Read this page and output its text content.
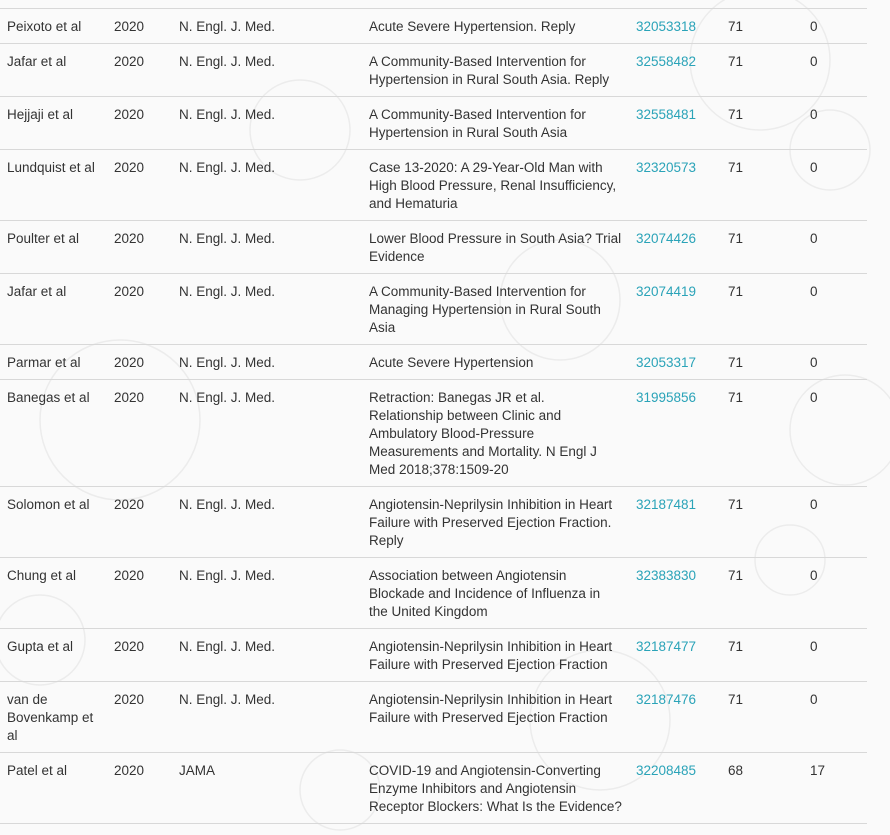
Peixoto et al	2020	N. Engl. J. Med.	Acute Severe Hypertension. Reply	32053318	71	0
Jafar et al	2020	N. Engl. J. Med.	A Community-Based Intervention for Hypertension in Rural South Asia. Reply	32558482	71	0
Hejjaji et al	2020	N. Engl. J. Med.	A Community-Based Intervention for Hypertension in Rural South Asia	32558481	71	0
Lundquist et al	2020	N. Engl. J. Med.	Case 13-2020: A 29-Year-Old Man with High Blood Pressure, Renal Insufficiency, and Hematuria	32320573	71	0
Poulter et al	2020	N. Engl. J. Med.	Lower Blood Pressure in South Asia? Trial Evidence	32074426	71	0
Jafar et al	2020	N. Engl. J. Med.	A Community-Based Intervention for Managing Hypertension in Rural South Asia	32074419	71	0
Parmar et al	2020	N. Engl. J. Med.	Acute Severe Hypertension	32053317	71	0
Banegas et al	2020	N. Engl. J. Med.	Retraction: Banegas JR et al. Relationship between Clinic and Ambulatory Blood-Pressure Measurements and Mortality. N Engl J Med 2018;378:1509-20	31995856	71	0
Solomon et al	2020	N. Engl. J. Med.	Angiotensin-Neprilysin Inhibition in Heart Failure with Preserved Ejection Fraction. Reply	32187481	71	0
Chung et al	2020	N. Engl. J. Med.	Association between Angiotensin Blockade and Incidence of Influenza in the United Kingdom	32383830	71	0
Gupta et al	2020	N. Engl. J. Med.	Angiotensin-Neprilysin Inhibition in Heart Failure with Preserved Ejection Fraction	32187477	71	0
van de Bovenkamp et al	2020	N. Engl. J. Med.	Angiotensin-Neprilysin Inhibition in Heart Failure with Preserved Ejection Fraction	32187476	71	0
Patel et al	2020	JAMA	COVID-19 and Angiotensin-Converting Enzyme Inhibitors and Angiotensin Receptor Blockers: What Is the Evidence?	32208485	68	17
